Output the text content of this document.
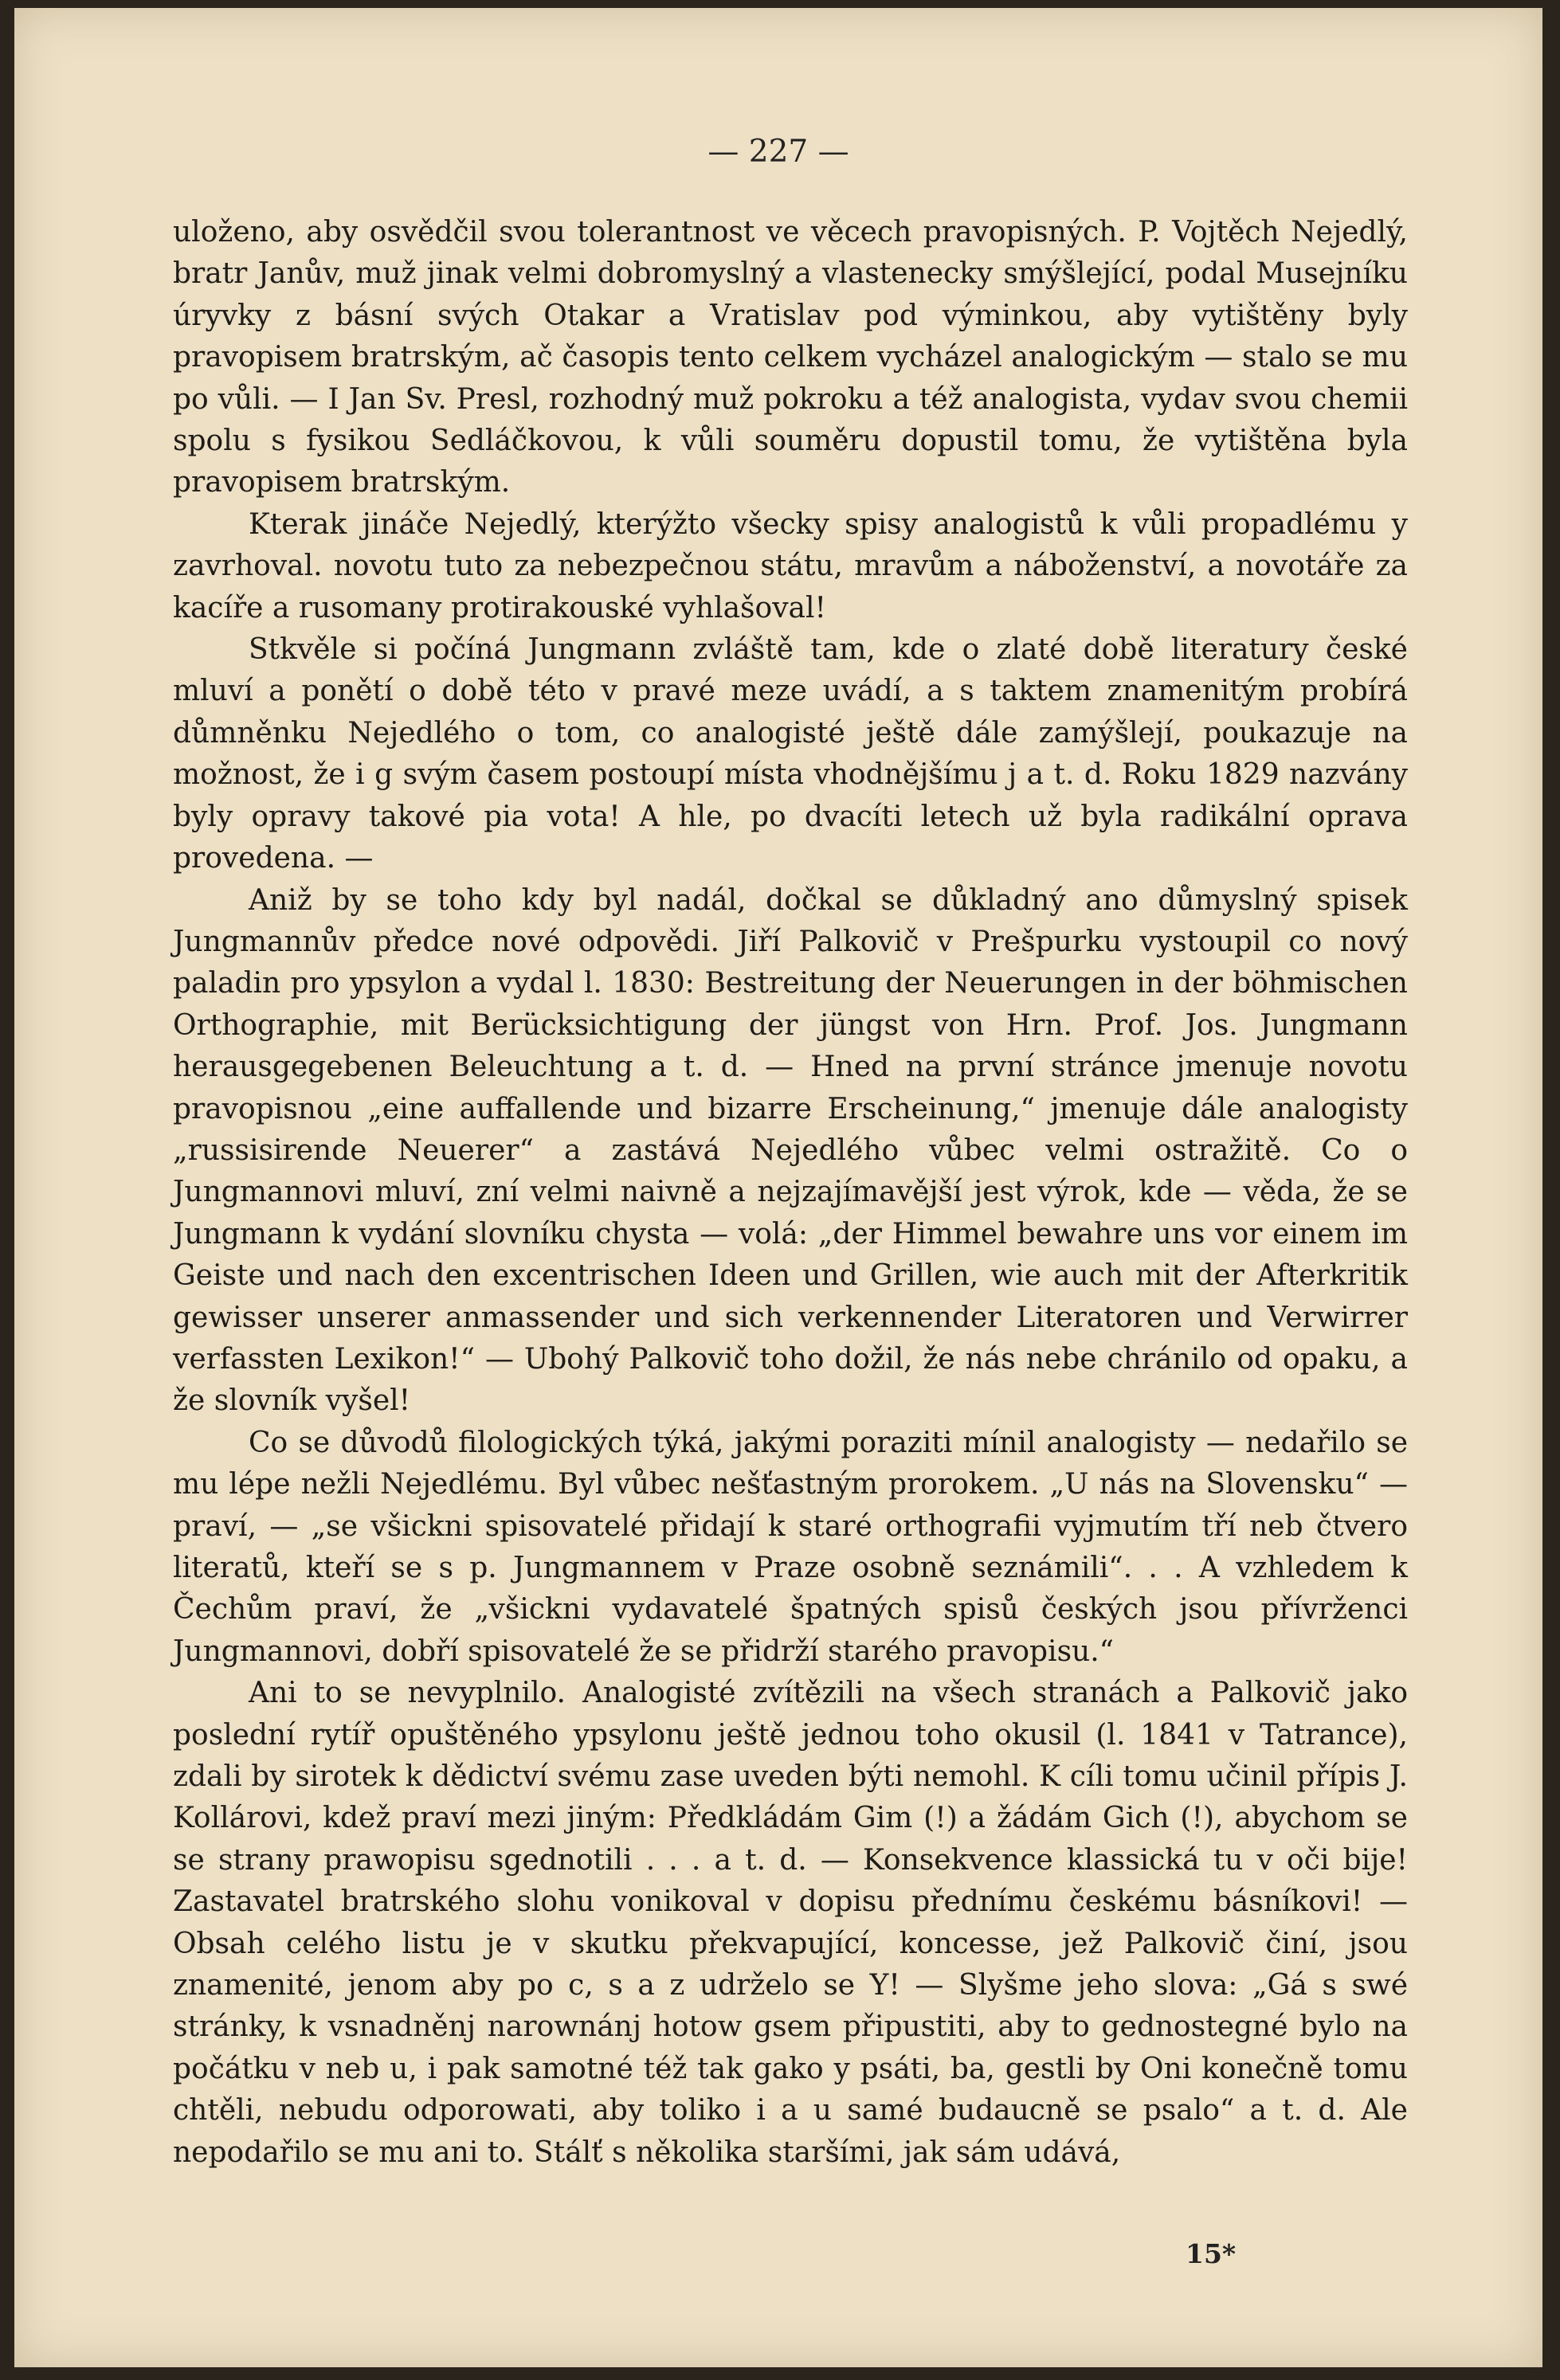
— 227 —

uloženo, aby osvědčil svou tolerantnost ve věcech pravopisných. P. Vojtěch Nejedlý, bratr Janův, muž jinak velmi dobromyslný a vlastenecky smýšlející, podal Musejníku úryvky z básní svých Otakar a Vratislav pod výminkou, aby vytištěny byly pravopisem bratrským, ač časopis tento celkem vycházel analogickým — stalo se mu po vůli. — I Jan Sv. Presl, rozhodný muž pokroku a též analogista, vydav svou chemii spolu s fysikou Sedláčkovou, k vůli souměru dopustil tomu, že vytištěna byla pravopisem bratrským.

Kterak jináče Nejedlý, kterýžto všecky spisy analogistů k vůli propadlému y zavrhoval. novotu tuto za nebezpečnou státu, mravům a náboženství, a novotáře za kacíře a rusomany protirakouské vyhlašoval!

Stkvěle si počíná Jungmann zvláště tam, kde o zlaté době literatury české mluví a ponětí o době této v pravé meze uvádí, a s taktem znamenitým probírá důmněnku Nejedlého o tom, co analogisté ještě dále zamýšlejí, poukazuje na možnost, že i g svým časem postoupí místa vhodnějšímu j a t. d. Roku 1829 nazvány byly opravy takové pia vota! A hle, po dvacíti letech už byla radikální oprava provedena. —

Aniž by se toho kdy byl nadál, dočkal se důkladný ano důmyslný spisek Jungmannův předce nové odpovědi. Jiří Palkovič v Prešpurku vystoupil co nový paladin pro ypsylon a vydal l. 1830: Bestreitung der Neuerungen in der böhmischen Orthographie, mit Berücksichtigung der jüngst von Hrn. Prof. Jos. Jungmann herausgegebenen Beleuchtung a t. d. — Hned na první stránce jmenuje novotu pravopisnou „eine auffallende und bizarre Erscheinung,“ jmenuje dále analogisty „russisirende Neuerer“ a zastává Nejedlého vůbec velmi ostražitě. Co o Jungmannovi mluví, zní velmi naivně a nejzajímavější jest výrok, kde — věda, že se Jungmann k vydání slovníku chysta — volá: „der Himmel bewahre uns vor einem im Geiste und nach den excentrischen Ideen und Grillen, wie auch mit der Afterkritik gewisser unserer anmassender und sich verkennender Literatoren und Verwirrer verfassten Lexikon!“ — Ubohý Palkovič toho dožil, že nás nebe chránilo od opaku, a že slovník vyšel!

Co se důvodů filologických týká, jakými poraziti mínil analogisty — nedařilo se mu lépe nežli Nejedlému. Byl vůbec nešťastným prorokem. „U nás na Slovensku“ — praví, — „se všickni spisovatelé přidají k staré orthografii vyjmutím tří neb čtvero literatů, kteří se s p. Jungmannem v Praze osobně seznámili“. . . A vzhledem k Čechům praví, že „všickni vydavatelé špatných spisů českých jsou přívrženci Jungmannovi, dobří spisovatelé že se přidrží starého pravopisu.“

Ani to se nevyplnilo. Analogisté zvítězili na všech stranách a Palkovič jako poslední rytíř opuštěného ypsylonu ještě jednou toho okusil (l. 1841 v Tatrance), zdali by sirotek k dědictví svému zase uveden býti nemohl. K cíli tomu učinil přípis J. Kollárovi, kdež praví mezi jiným: Předkládám Gim (!) a žádám Gich (!), abychom se se strany prawopisu sgednotili . . . a t. d. — Konsekvence klassická tu v oči bije! Zastavatel bratrského slohu vonikoval v dopisu přednímu českému básníkovi! — Obsah celého listu je v skutku překvapující, koncesse, jež Palkovič činí, jsou znamenité, jenom aby po c, s a z udrželo se Y! — Slyšme jeho slova: „Gá s swé stránky, k vsnadněnj narownánj hotow gsem připustiti, aby to gednostegné bylo na počátku v neb u, i pak samotné též tak gako y psáti, ba, gestli by Oni konečně tomu chtěli, nebudu odporowati, aby toliko i a u samé budaucně se psalo“ a t. d. Ale nepodařilo se mu ani to. Stálť s několika staršími, jak sám udává,

15*
